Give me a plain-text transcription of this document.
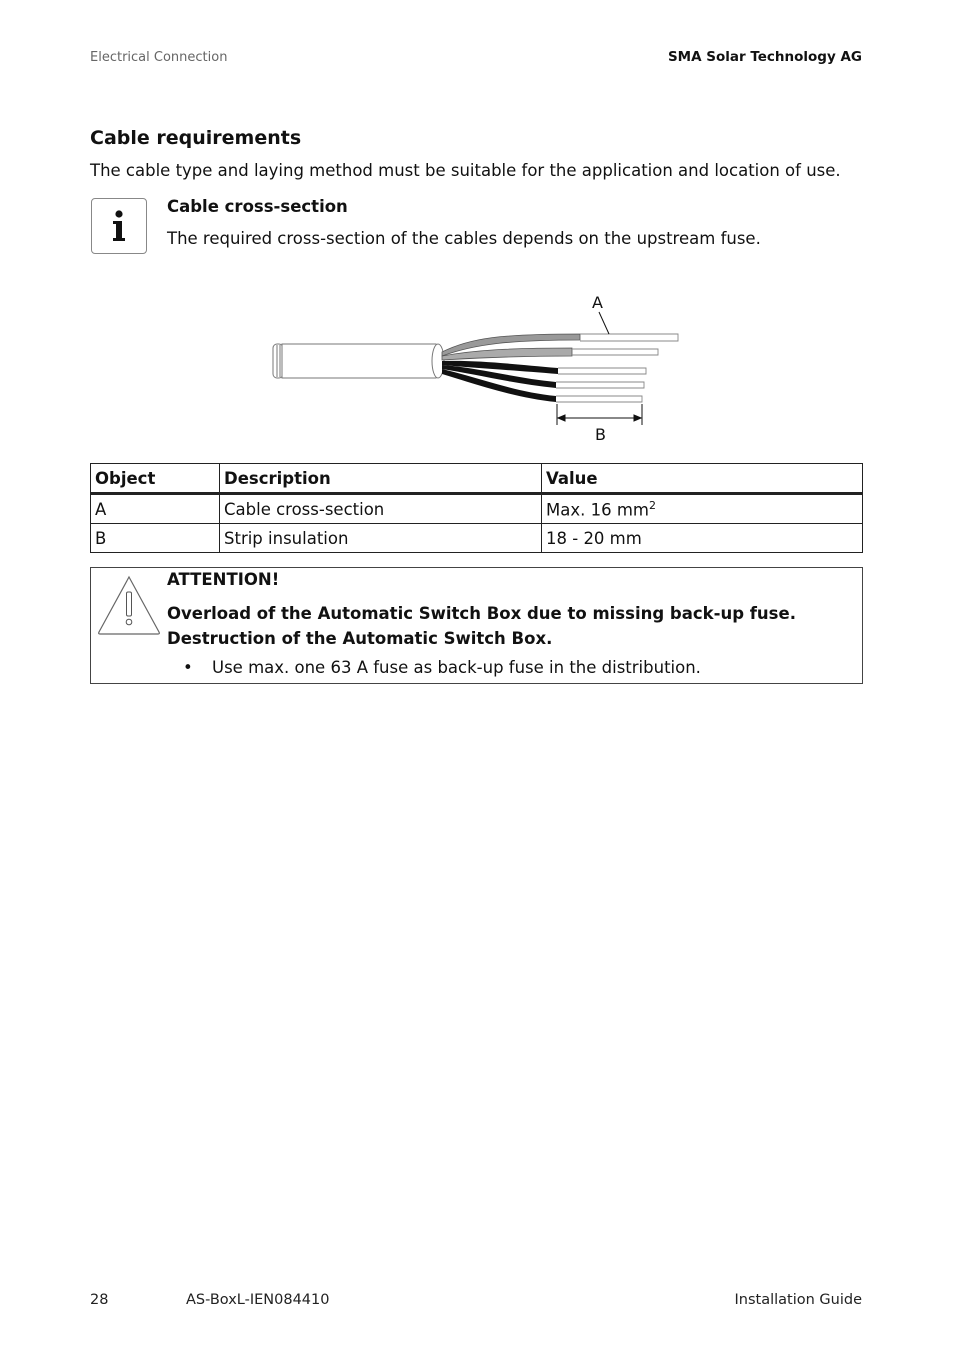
Electrical Connection	SMA Solar Technology AG
Cable requirements
The cable type and laying method must be suitable for the application and location of use.
Cable cross-section
The required cross-section of the cables depends on the upstream fuse.
A
B
Object	Description	Value
A	Cable cross-section	Max. 16 $mm^2$
B	Strip insulation	18 - 20 mm
ATTENTION!
Overload of the Automatic Switch Box due to missing back-up fuse. Destruction of the Automatic Switch Box.
• Use max. one 63 A fuse as back-up fuse in the distribution.
28	AS-BoxL-IEN084410	Installation Guide
